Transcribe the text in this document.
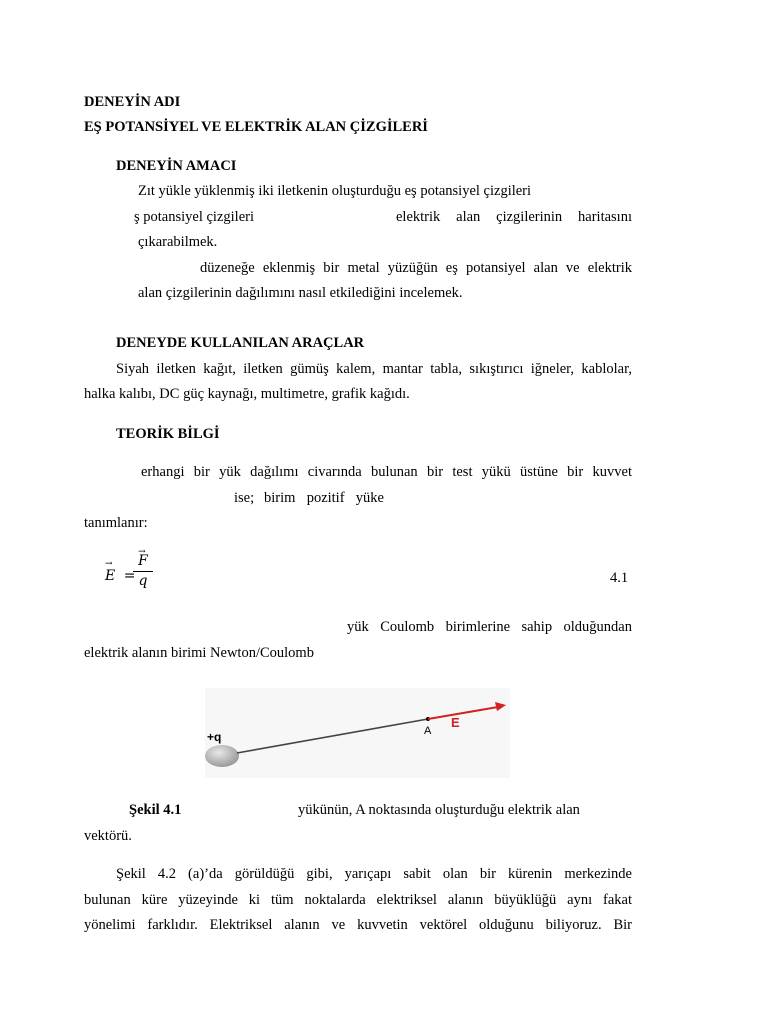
DENEYİN ADI
EŞ POTANSİYEL VE ELEKTRİK ALAN ÇİZGİLERİ
DENEYİN AMACI
Zıt yükle yüklenmiş iki iletkenin oluşturduğu eş potansiyel çizgileri
ş potansiyel çizgileri	elektrik alan çizgilerinin haritasını
çıkarabilmek.
düzeneğe eklenmiş bir metal yüzüğün eş potansiyel alan ve elektrik
alan çizgilerinin dağılımını nasıl etkilediğini incelemek.
DENEYDE KULLANILAN ARAÇLAR
Siyah iletken kağıt, iletken gümüş kalem, mantar tabla, sıkıştırıcı iğneler, kablolar,
halka kalıbı, DC güç kaynağı, multimetre, grafik kağıdı.
TEORİK BİLGİ
erhangi bir yük dağılımı civarında bulunan bir test yükü üstüne bir kuvvet
ise; birim pozitif yüke
tanımlanır:
→ E =
→ F
q	4.1
yük Coulomb birimlerine sahip olduğundan
elektrik alanın birimi Newton/Coulomb
+q	A
E
Şekil 4.1	yükünün, A noktasında oluşturduğu elektrik alan
vektörü.
Şekil 4.2 (a)’da görüldüğü gibi, yarıçapı sabit olan bir kürenin merkezinde
bulunan küre yüzeyinde ki tüm noktalarda elektriksel alanın büyüklüğü aynı fakat
yönelimi farklıdır. Elektriksel alanın ve kuvvetin vektörel olduğunu biliyoruz. Bir
